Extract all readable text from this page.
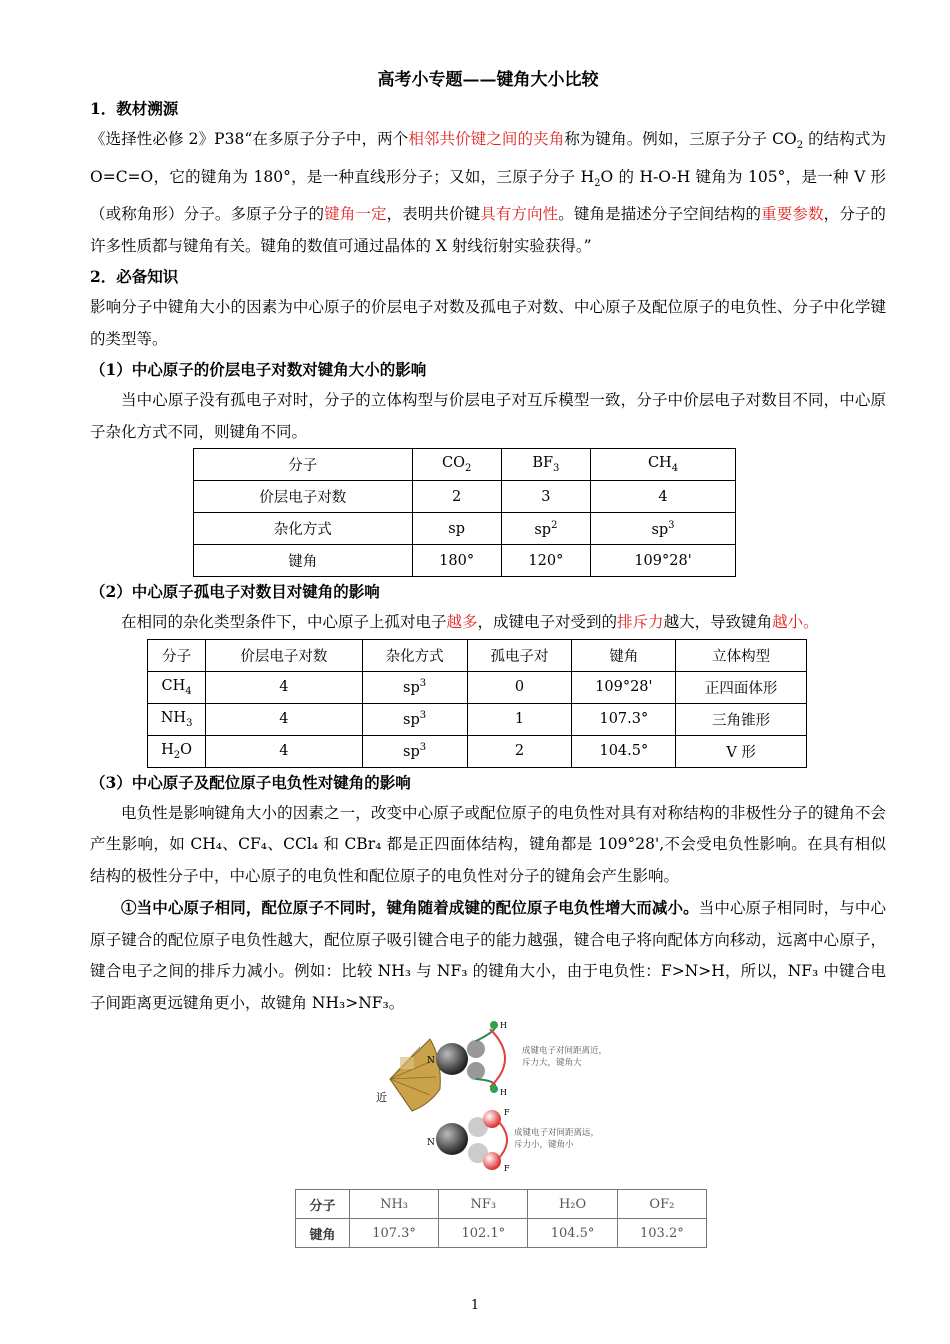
高考小专题——键角大小比较
1．教材溯源
《选择性必修 2》P38“在多原子分子中，两个相邻共价键之间的夹角称为键角。例如，三原子分子 $CO_2$ 的结构式为 O=C=O，它的键角为 180°，是一种直线形分子；又如，三原子分子 $H_2O$ 的 H-O-H 键角为 105°，是一种 V 形（或称角形）分子。多原子分子的键角一定，表明共价键具有方向性。键角是描述分子空间结构的重要参数，分子的许多性质都与键角有关。键角的数值可通过晶体的 X 射线衍射实验获得。”
2．必备知识
影响分子中键角大小的因素为中心原子的价层电子对数及孤电子对数、中心原子及配位原子的电负性、分子中化学键的类型等。
（1）中心原子的价层电子对数对键角大小的影响
当中心原子没有孤电子对时，分子的立体构型与价层电子对互斥模型一致，分子中价层电子对数目不同，中心原子杂化方式不同，则键角不同。
分子	$CO_2$	$BF_3$	$CH_4$
价层电子对数	2	3	4
杂化方式	sp	$sp^2$	$sp^3$
键角	180°	120°	109°28'
（2）中心原子孤电子对数目对键角的影响
在相同的杂化类型条件下，中心原子上孤对电子越多，成键电子对受到的排斥力越大，导致键角越小。
分子	价层电子对数	杂化方式	孤电子对	键角	立体构型
$CH_4$	4	$sp^3$	0	109°28'	正四面体形
$NH_3$	4	$sp^3$	1	107.3°	三角锥形
$H_2O$	4	$sp^3$	2	104.5°	V 形
（3）中心原子及配位原子电负性对键角的影响
电负性是影响键角大小的因素之一，改变中心原子或配位原子的电负性对具有对称结构的非极性分子的键角不会产生影响，如 CH₄、CF₄、CCl₄ 和 CBr₄ 都是正四面体结构，键角都是 109°28',不会受电负性影响。在具有相似结构的极性分子中，中心原子的电负性和配位原子的电负性对分子的键角会产生影响。
①当中心原子相同，配位原子不同时，键角随着成键的配位原子电负性增大而减小。当中心原子相同时，与中心原子键合的配位原子电负性越大，配位原子吸引键合电子的能力越强，键合电子将向配体方向移动，远离中心原子，键合电子之间的排斥力减小。例如：比较 NH₃ 与 NF₃ 的键角大小，由于电负性：F>N>H，所以，NF₃ 中键合电子间距离更远键角更小，故键角 NH₃>NF₃。
近
N
H
H
成键电子对间距离近，
斥力大，键角大
N
F
F
成键电子对间距离远，
斥力小，键角小
分子	NH₃	NF₃	H₂O	OF₂
键角	107.3°	102.1°	104.5°	103.2°
1
